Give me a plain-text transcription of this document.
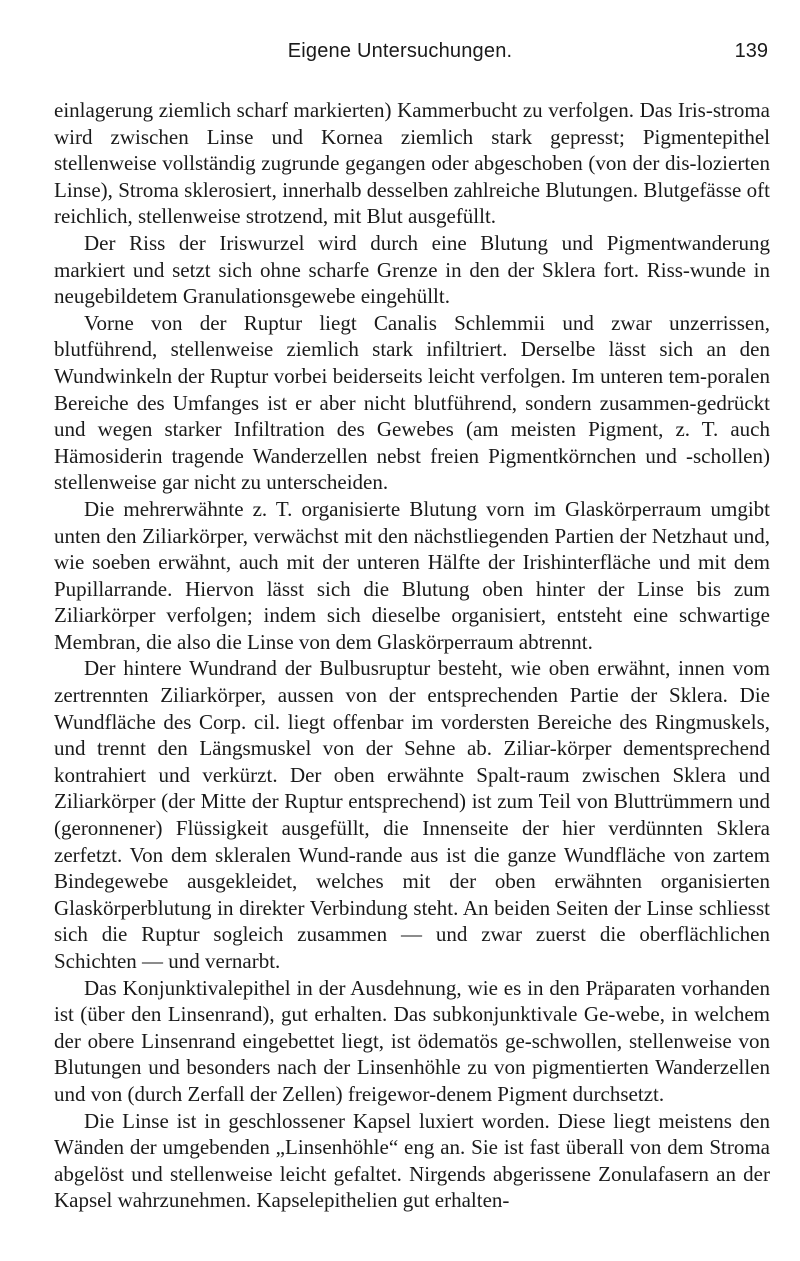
Eigene Untersuchungen.	139

einlagerung ziemlich scharf markierten) Kammerbucht zu verfolgen. Das Iris-stroma wird zwischen Linse und Kornea ziemlich stark gepresst; Pigmentepithel stellenweise vollständig zugrunde gegangen oder abgeschoben (von der dis-lozierten Linse), Stroma sklerosiert, innerhalb desselben zahlreiche Blutungen. Blutgefässe oft reichlich, stellenweise strotzend, mit Blut ausgefüllt.

Der Riss der Iriswurzel wird durch eine Blutung und Pigmentwanderung markiert und setzt sich ohne scharfe Grenze in den der Sklera fort. Riss-wunde in neugebildetem Granulationsgewebe eingehüllt.

Vorne von der Ruptur liegt Canalis Schlemmii und zwar unzerrissen, blutführend, stellenweise ziemlich stark infiltriert. Derselbe lässt sich an den Wundwinkeln der Ruptur vorbei beiderseits leicht verfolgen. Im unteren tem-poralen Bereiche des Umfanges ist er aber nicht blutführend, sondern zusammen-gedrückt und wegen starker Infiltration des Gewebes (am meisten Pigment, z. T. auch Hämosiderin tragende Wanderzellen nebst freien Pigmentkörnchen und -schollen) stellenweise gar nicht zu unterscheiden.

Die mehrerwähnte z. T. organisierte Blutung vorn im Glaskörperraum umgibt unten den Ziliarkörper, verwächst mit den nächstliegenden Partien der Netzhaut und, wie soeben erwähnt, auch mit der unteren Hälfte der Irishinterfläche und mit dem Pupillarrande. Hiervon lässt sich die Blutung oben hinter der Linse bis zum Ziliarkörper verfolgen; indem sich dieselbe organisiert, entsteht eine schwartige Membran, die also die Linse von dem Glaskörperraum abtrennt.

Der hintere Wundrand der Bulbusruptur besteht, wie oben erwähnt, innen vom zertrennten Ziliarkörper, aussen von der entsprechenden Partie der Sklera. Die Wundfläche des Corp. cil. liegt offenbar im vordersten Bereiche des Ringmuskels, und trennt den Längsmuskel von der Sehne ab. Ziliar-körper dementsprechend kontrahiert und verkürzt. Der oben erwähnte Spalt-raum zwischen Sklera und Ziliarkörper (der Mitte der Ruptur entsprechend) ist zum Teil von Bluttrümmern und (geronnener) Flüssigkeit ausgefüllt, die Innenseite der hier verdünnten Sklera zerfetzt. Von dem skleralen Wund-rande aus ist die ganze Wundfläche von zartem Bindegewebe ausgekleidet, welches mit der oben erwähnten organisierten Glaskörperblutung in direkter Verbindung steht. An beiden Seiten der Linse schliesst sich die Ruptur sogleich zusammen — und zwar zuerst die oberflächlichen Schichten — und vernarbt.

Das Konjunktivalepithel in der Ausdehnung, wie es in den Präparaten vorhanden ist (über den Linsenrand), gut erhalten. Das subkonjunktivale Ge-webe, in welchem der obere Linsenrand eingebettet liegt, ist ödematös ge-schwollen, stellenweise von Blutungen und besonders nach der Linsenhöhle zu von pigmentierten Wanderzellen und von (durch Zerfall der Zellen) freigewor-denem Pigment durchsetzt.

Die Linse ist in geschlossener Kapsel luxiert worden. Diese liegt meistens den Wänden der umgebenden „Linsenhöhle“ eng an. Sie ist fast überall von dem Stroma abgelöst und stellenweise leicht gefaltet. Nirgends abgerissene Zonulafasern an der Kapsel wahrzunehmen. Kapselepithelien gut erhalten-
